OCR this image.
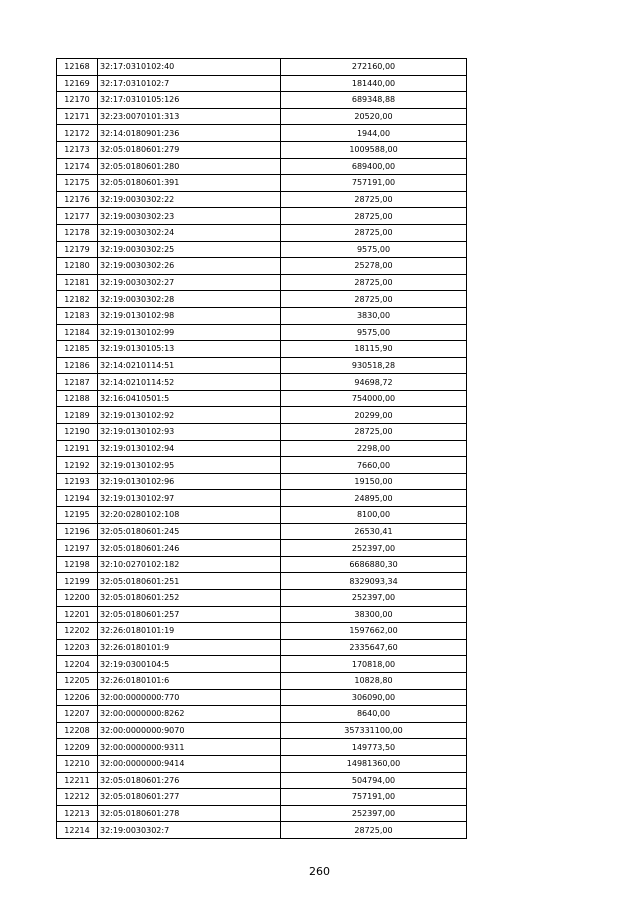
12168	32:17:0310102:40	272160,00
12169	32:17:0310102:7	181440,00
12170	32:17:0310105:126	689348,88
12171	32:23:0070101:313	20520,00
12172	32:14:0180901:236	1944,00
12173	32:05:0180601:279	1009588,00
12174	32:05:0180601:280	689400,00
12175	32:05:0180601:391	757191,00
12176	32:19:0030302:22	28725,00
12177	32:19:0030302:23	28725,00
12178	32:19:0030302:24	28725,00
12179	32:19:0030302:25	9575,00
12180	32:19:0030302:26	25278,00
12181	32:19:0030302:27	28725,00
12182	32:19:0030302:28	28725,00
12183	32:19:0130102:98	3830,00
12184	32:19:0130102:99	9575,00
12185	32:19:0130105:13	18115,90
12186	32:14:0210114:51	930518,28
12187	32:14:0210114:52	94698,72
12188	32:16:0410501:5	754000,00
12189	32:19:0130102:92	20299,00
12190	32:19:0130102:93	28725,00
12191	32:19:0130102:94	2298,00
12192	32:19:0130102:95	7660,00
12193	32:19:0130102:96	19150,00
12194	32:19:0130102:97	24895,00
12195	32:20:0280102:108	8100,00
12196	32:05:0180601:245	26530,41
12197	32:05:0180601:246	252397,00
12198	32:10:0270102:182	6686880,30
12199	32:05:0180601:251	8329093,34
12200	32:05:0180601:252	252397,00
12201	32:05:0180601:257	38300,00
12202	32:26:0180101:19	1597662,00
12203	32:26:0180101:9	2335647,60
12204	32:19:0300104:5	170818,00
12205	32:26:0180101:6	10828,80
12206	32:00:0000000:770	306090,00
12207	32:00:0000000:8262	8640,00
12208	32:00:0000000:9070	357331100,00
12209	32:00:0000000:9311	149773,50
12210	32:00:0000000:9414	14981360,00
12211	32:05:0180601:276	504794,00
12212	32:05:0180601:277	757191,00
12213	32:05:0180601:278	252397,00
12214	32:19:0030302:7	28725,00
260
